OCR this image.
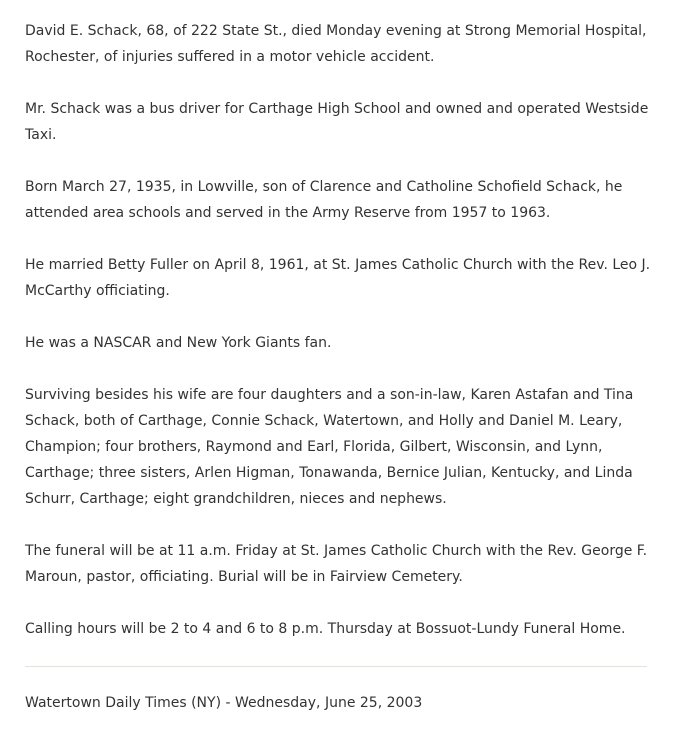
David E. Schack, 68, of 222 State St., died Monday evening at Strong Memorial Hospital, Rochester, of injuries suffered in a motor vehicle accident.

Mr. Schack was a bus driver for Carthage High School and owned and operated Westside Taxi.

Born March 27, 1935, in Lowville, son of Clarence and Catholine Schofield Schack, he attended area schools and served in the Army Reserve from 1957 to 1963.

He married Betty Fuller on April 8, 1961, at St. James Catholic Church with the Rev. Leo J. McCarthy officiating.

He was a NASCAR and New York Giants fan.

Surviving besides his wife are four daughters and a son-in-law, Karen Astafan and Tina Schack, both of Carthage, Connie Schack, Watertown, and Holly and Daniel M. Leary, Champion; four brothers, Raymond and Earl, Florida, Gilbert, Wisconsin, and Lynn, Carthage; three sisters, Arlen Higman, Tonawanda, Bernice Julian, Kentucky, and Linda Schurr, Carthage; eight grandchildren, nieces and nephews.

The funeral will be at 11 a.m. Friday at St. James Catholic Church with the Rev. George F. Maroun, pastor, officiating. Burial will be in Fairview Cemetery.

Calling hours will be 2 to 4 and 6 to 8 p.m. Thursday at Bossuot-Lundy Funeral Home.

Watertown Daily Times (NY) - Wednesday, June 25, 2003
